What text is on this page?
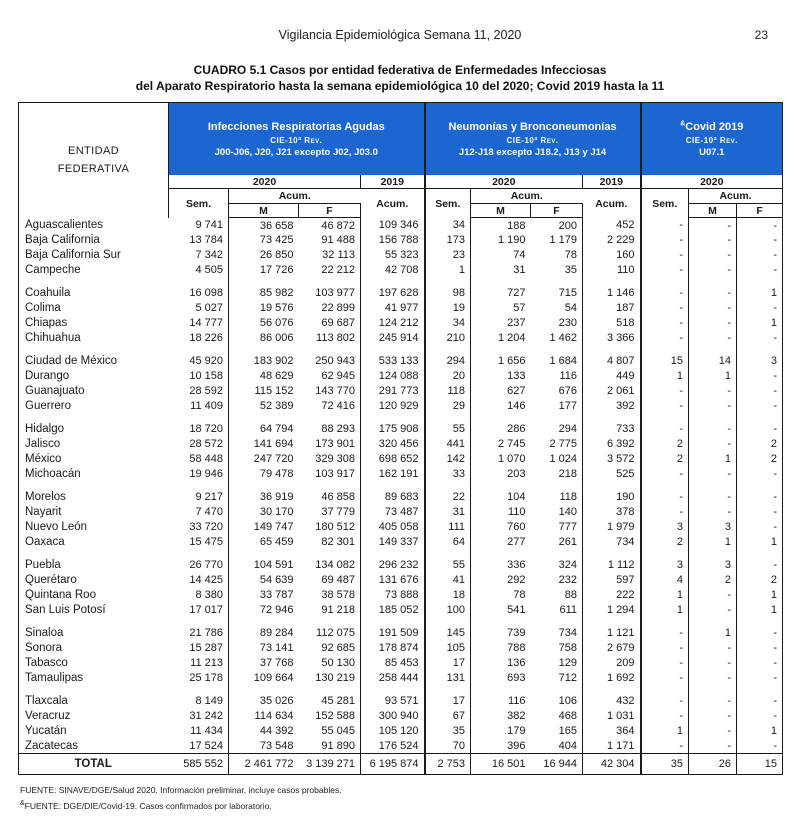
Vigilancia Epidemiológica Semana 11, 2020	23
CUADRO 5.1 Casos por entidad federativa de Enfermedades Infecciosas
del Aparato Respiratorio hasta la semana epidemiológica 10 del 2020; Covid 2019 hasta la 11
ENTIDAD
FEDERATIVA

Infecciones Respiratorias Agudas
CIE-10ª Rev.
J00-J06, J20, J21 excepto J02, J03.0

Neumonías y Bronconeumonías
CIE-10ª Rev.
J12-J18 excepto J18.2, J13 y J14

&Covid 2019
CIE-10ª Rev.
U07.1

	2020			2019	2020			2019	2020		
	Sem.	Acum.		Acum.	Sem.	Acum.		Acum.	Sem.	Acum.	
		M	F			M	F			M	F
Aguascalientes	9 741	36 658	46 872	109 346	34	188	200	452	-	-	-
Baja California	13 784	73 425	91 488	156 788	173	1 190	1 179	2 229	-	-	-
Baja California Sur	7 342	26 850	32 113	55 323	23	74	78	160	-	-	-
Campeche	4 505	17 726	22 212	42 708	1	31	35	110	-	-	-

Coahuila	16 098	85 982	103 977	197 628	98	727	715	1 146	-	-	1
Colima	5 027	19 576	22 899	41 977	19	57	54	187	-	-	-
Chiapas	14 777	56 076	69 687	124 212	34	237	230	518	-	-	1
Chihuahua	18 226	86 006	113 802	245 914	210	1 204	1 462	3 366	-	-	-

Ciudad de México	45 920	183 902	250 943	533 133	294	1 656	1 684	4 807	15	14	3
Durango	10 158	48 629	62 945	124 088	20	133	116	449	1	1	-
Guanajuato	28 592	115 152	143 770	291 773	118	627	676	2 061	-	-	-
Guerrero	11 409	52 389	72 416	120 929	29	146	177	392	-	-	-

Hidalgo	18 720	64 794	88 293	175 908	55	286	294	733	-	-	-
Jalisco	28 572	141 694	173 901	320 456	441	2 745	2 775	6 392	2	-	2
México	58 448	247 720	329 308	698 652	142	1 070	1 024	3 572	2	1	2
Michoacán	19 946	79 478	103 917	162 191	33	203	218	525	-	-	-

Morelos	9 217	36 919	46 858	89 683	22	104	118	190	-	-	-
Nayarit	7 470	30 170	37 779	73 487	31	110	140	378	-	-	-
Nuevo León	33 720	149 747	180 512	405 058	111	760	777	1 979	3	3	-
Oaxaca	15 475	65 459	82 301	149 337	64	277	261	734	2	1	1

Puebla	26 770	104 591	134 082	296 232	55	336	324	1 112	3	3	-
Querétaro	14 425	54 639	69 487	131 676	41	292	232	597	4	2	2
Quintana Roo	8 380	33 787	38 578	73 888	18	78	88	222	1	-	1
San Luis Potosí	17 017	72 946	91 218	185 052	100	541	611	1 294	1	-	1

Sinaloa	21 786	89 284	112 075	191 509	145	739	734	1 121	-	1	-
Sonora	15 287	73 141	92 685	178 874	105	788	758	2 679	-	-	-
Tabasco	11 213	37 768	50 130	85 453	17	136	129	209	-	-	-
Tamaulipas	25 178	109 664	130 219	258 444	131	693	712	1 692	-	-	-

Tlaxcala	8 149	35 026	45 281	93 571	17	116	106	432	-	-	-
Veracruz	31 242	114 634	152 588	300 940	67	382	468	1 031	-	-	-
Yucatán	11 434	44 392	55 045	105 120	35	179	165	364	1	-	1
Zacatecas	17 524	73 548	91 890	176 524	70	396	404	1 171	-	-	-
TOTAL	585 552	2 461 772	3 139 271	6 195 874	2 753	16 501	16 944	42 304	35	26	15
FUENTE: SINAVE/DGE/Salud 2020. Información preliminar, incluye casos probables.
&FUENTE: DGE/DIE/Covid-19. Casos confirmados por laboratorio.
